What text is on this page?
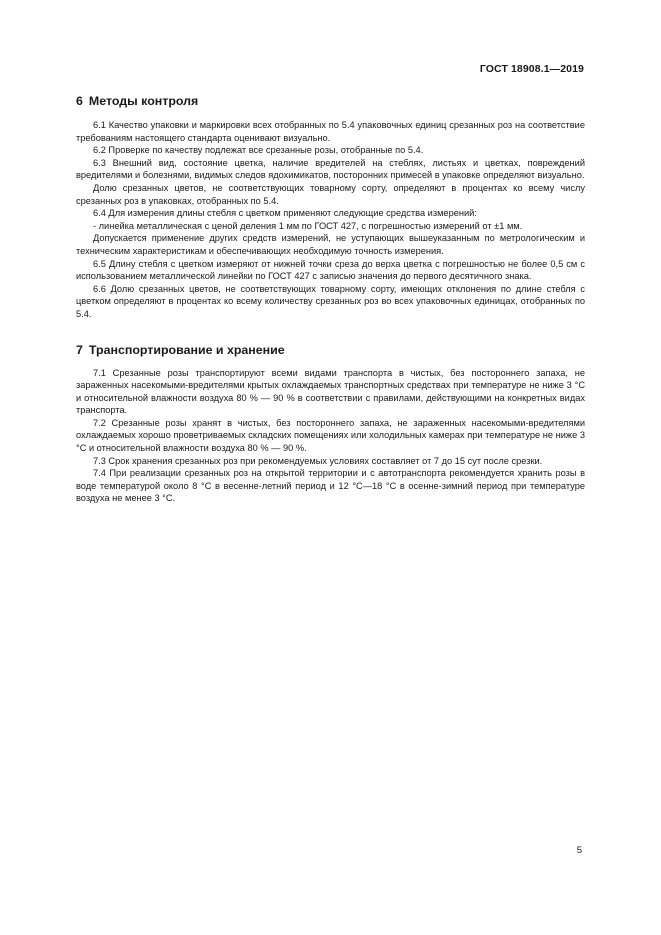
ГОСТ 18908.1—2019
6 Методы контроля

6.1 Качество упаковки и маркировки всех отобранных по 5.4 упаковочных единиц срезанных роз на соответствие требованиям настоящего стандарта оценивают визуально.

6.2 Проверке по качеству подлежат все срезанные розы, отобранные по 5.4.

6.3 Внешний вид, состояние цветка, наличие вредителей на стеблях, листьях и цветках, повреждений вредителями и болезнями, видимых следов ядохимикатов, посторонних примесей в упаковке определяют визуально.

Долю срезанных цветов, не соответствующих товарному сорту, определяют в процентах ко всему числу срезанных роз в упаковках, отобранных по 5.4.

6.4 Для измерения длины стебля с цветком применяют следующие средства измерений:

- линейка металлическая с ценой деления 1 мм по ГОСТ 427, с погрешностью измерений от ±1 мм.

Допускается применение других средств измерений, не уступающих вышеуказанным по метрологическим и техническим характеристикам и обеспечивающих необходимую точность измерения.

6.5 Длину стебля с цветком измеряют от нижней точки среза до верха цветка с погрешностью не более 0,5 см с использованием металлической линейки по ГОСТ 427 с записью значения до первого десятичного знака.

6.6 Долю срезанных цветов, не соответствующих товарному сорту, имеющих отклонения по длине стебля с цветком определяют в процентах ко всему количеству срезанных роз во всех упаковочных единицах, отобранных по 5.4.

7 Транспортирование и хранение

7.1 Срезанные розы транспортируют всеми видами транспорта в чистых, без постороннего запаха, не зараженных насекомыми-вредителями крытых охлаждаемых транспортных средствах при температуре не ниже 3 °С и относительной влажности воздуха 80 % — 90 % в соответствии с правилами, действующими на конкретных видах транспорта.

7.2 Срезанные розы хранят в чистых, без постороннего запаха, не зараженных насекомыми-вредителями охлаждаемых хорошо проветриваемых складских помещениях или холодильных камерах при температуре не ниже 3 °С и относительной влажности воздуха 80 % — 90 %.

7.3 Срок хранения срезанных роз при рекомендуемых условиях составляет от 7 до 15 сут после срезки.

7.4 При реализации срезанных роз на открытой территории и с автотранспорта рекомендуется хранить розы в воде температурой около 8 °С в весенне-летний период и 12 °С—18 °С в осенне-зимний период при температуре воздуха не менее 3 °С.

5
